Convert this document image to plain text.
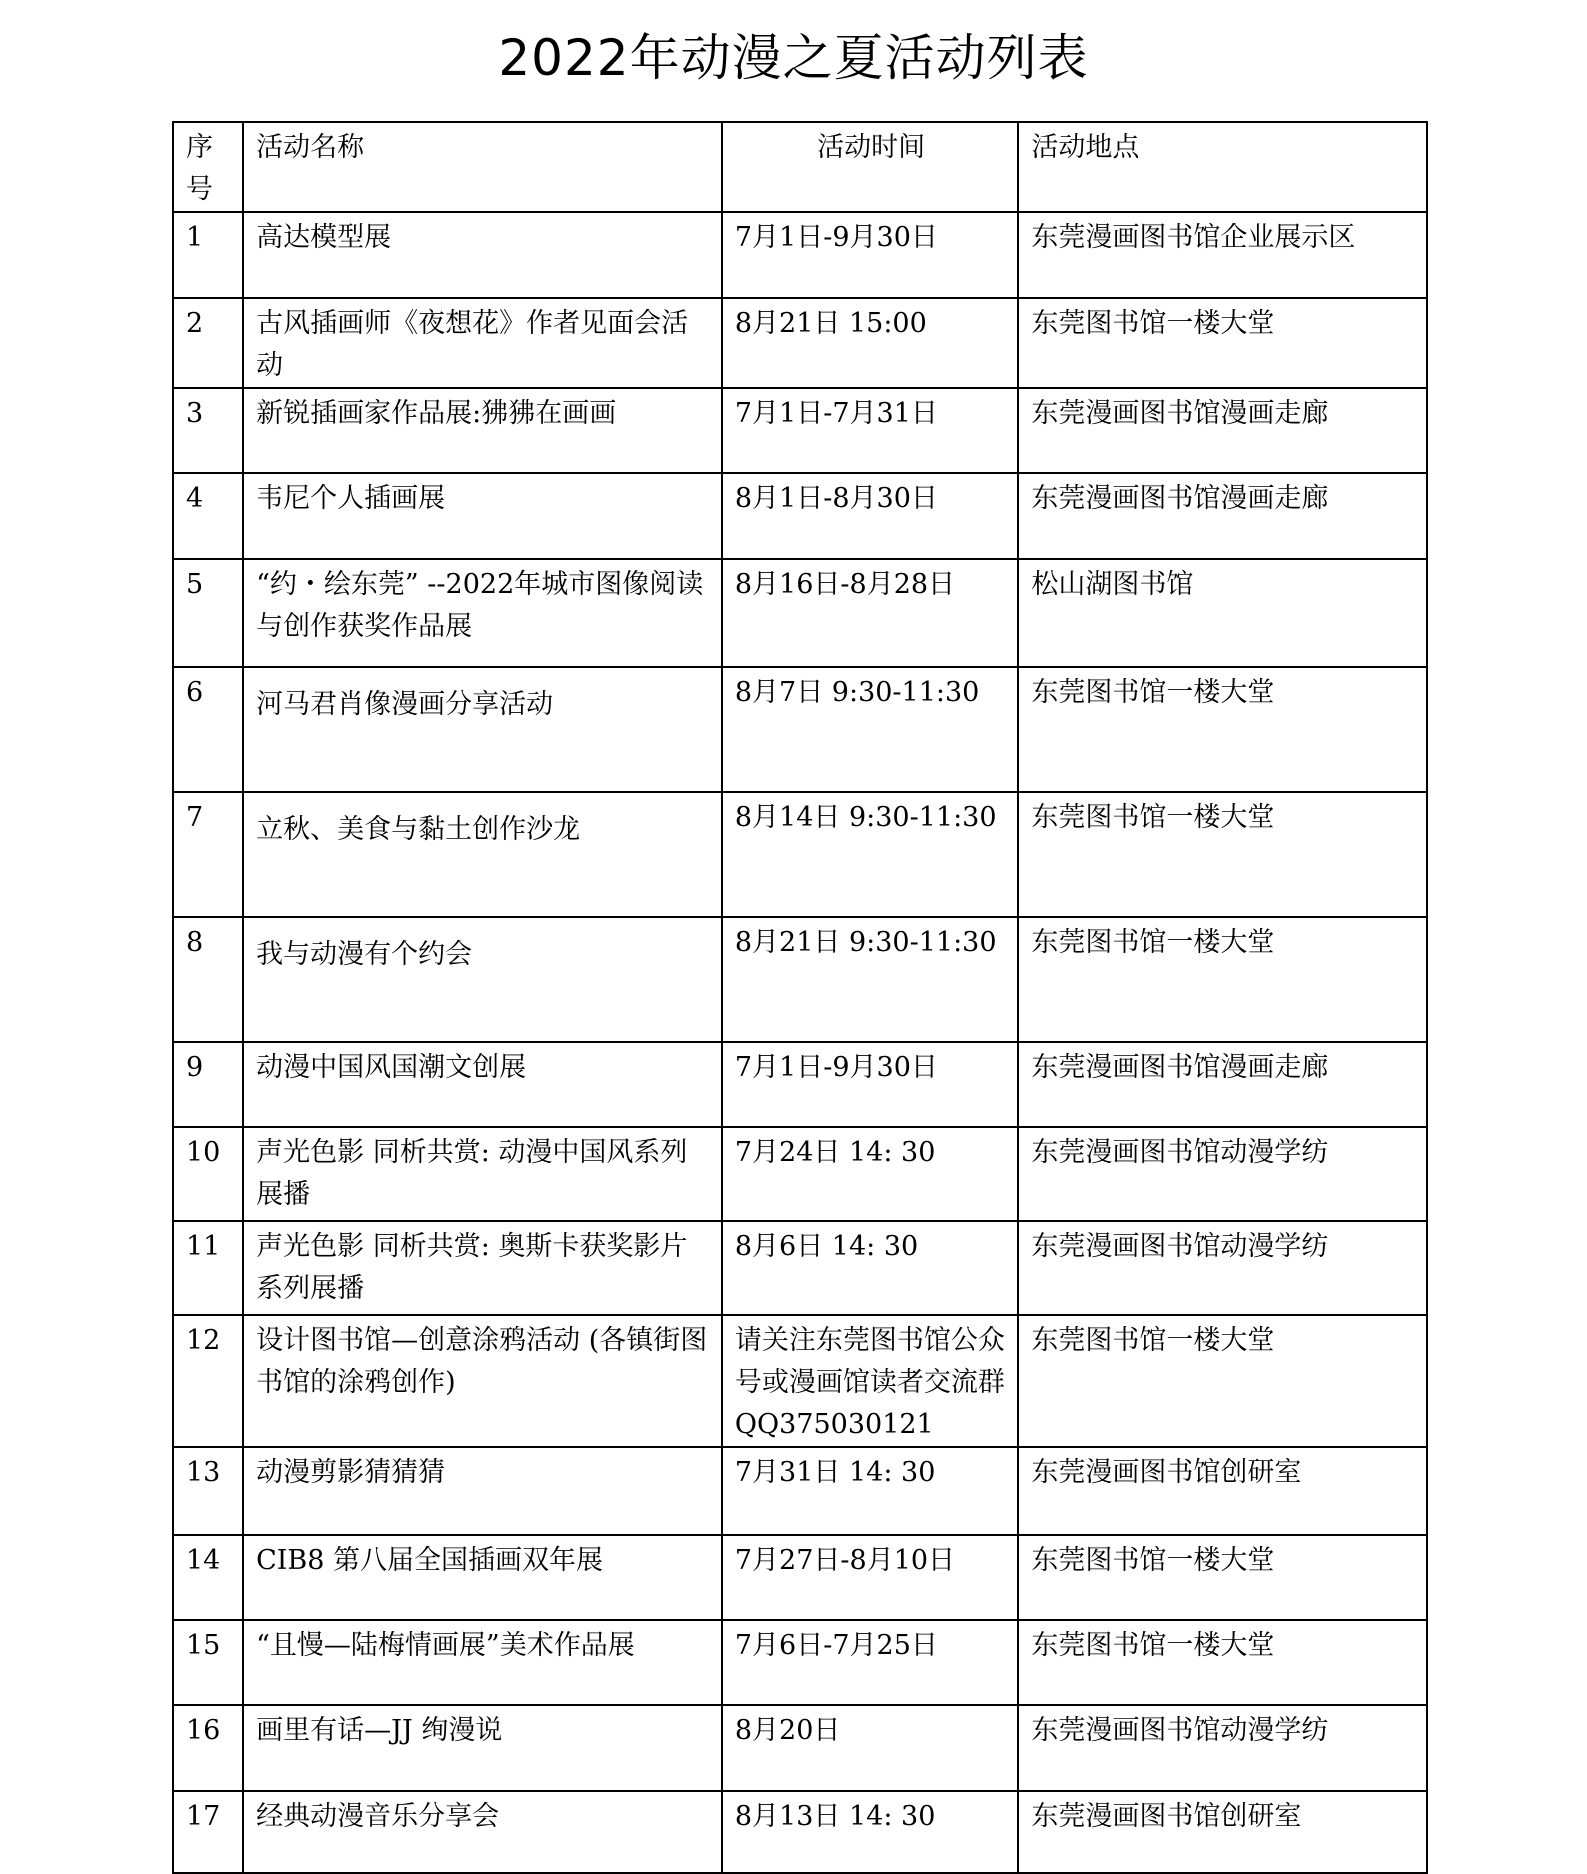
2022年动漫之夏活动列表
序号	活动名称	活动时间	活动地点
1	高达模型展	7月1日-9月30日	东莞漫画图书馆企业展示区
2	古风插画师《夜想花》作者见面会活动	8月21日 15:00	东莞图书馆一楼大堂
3	新锐插画家作品展:狒狒在画画	7月1日-7月31日	东莞漫画图书馆漫画走廊
4	韦尼个人插画展	8月1日-8月30日	东莞漫画图书馆漫画走廊
5	“约・绘东莞” --2022年城市图像阅读与创作获奖作品展	8月16日-8月28日	松山湖图书馆
6	河马君肖像漫画分享活动	8月7日 9:30-11:30	东莞图书馆一楼大堂
7	立秋、美食与黏土创作沙龙	8月14日 9:30-11:30	东莞图书馆一楼大堂
8	我与动漫有个约会	8月21日 9:30-11:30	东莞图书馆一楼大堂
9	动漫中国风国潮文创展	7月1日-9月30日	东莞漫画图书馆漫画走廊
10	声光色影 同析共赏: 动漫中国风系列展播	7月24日 14: 30	东莞漫画图书馆动漫学纺
11	声光色影 同析共赏: 奥斯卡获奖影片系列展播	8月6日 14: 30	东莞漫画图书馆动漫学纺
12	设计图书馆—创意涂鸦活动 (各镇街图书馆的涂鸦创作)	请关注东莞图书馆公众号或漫画馆读者交流群 QQ375030121	东莞图书馆一楼大堂
13	动漫剪影猜猜猜	7月31日 14: 30	东莞漫画图书馆创研室
14	CIB8 第八届全国插画双年展	7月27日-8月10日	东莞图书馆一楼大堂
15	“且慢—陆梅情画展”美术作品展	7月6日-7月25日	东莞图书馆一楼大堂
16	画里有话—JJ 绚漫说	8月20日	东莞漫画图书馆动漫学纺
17	经典动漫音乐分享会	8月13日 14: 30	东莞漫画图书馆创研室
